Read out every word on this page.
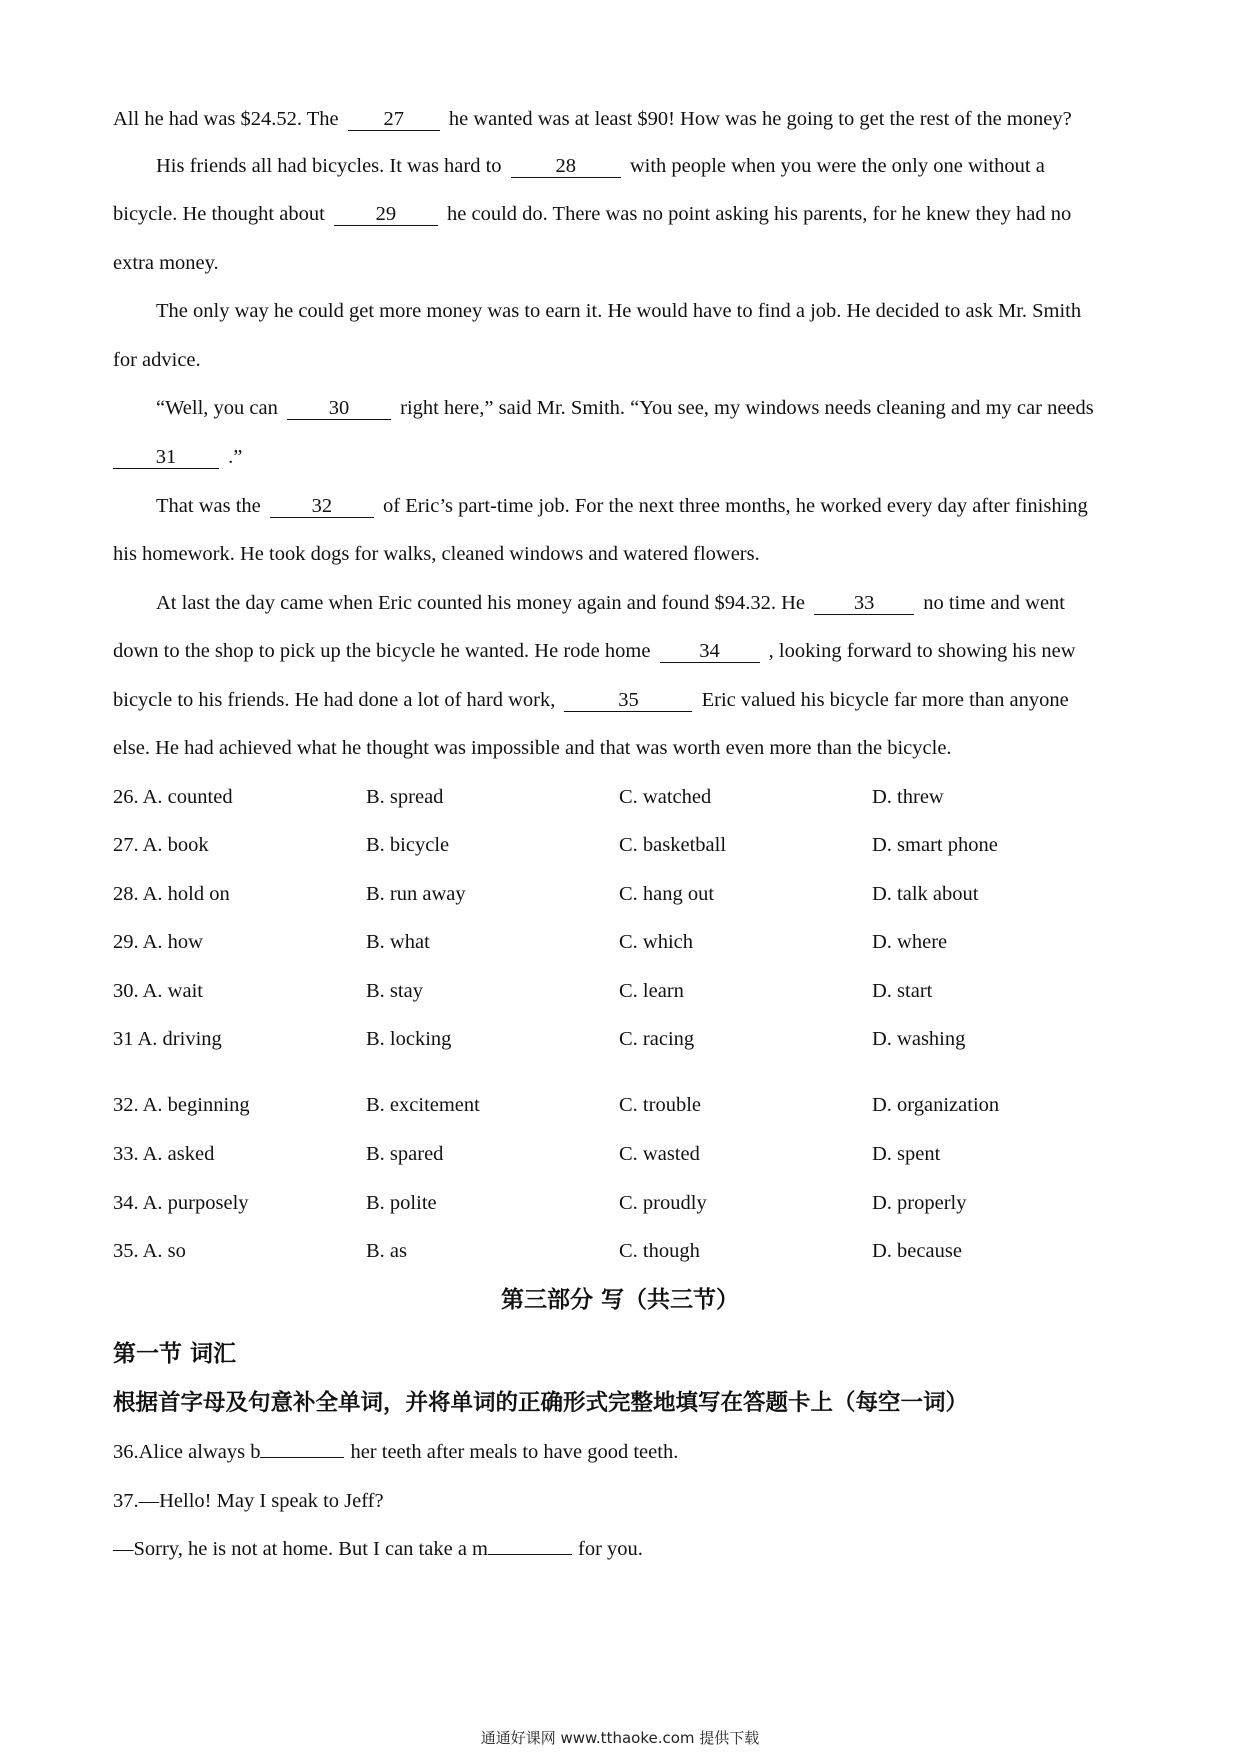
All he had was $24.52. The 27 he wanted was at least $90! How was he going to get the rest of the money?
His friends all had bicycles. It was hard to	28	with people when you were the only one without a
bicycle. He thought about 29 he could do. There was no point asking his parents, for he knew they had no
extra money.
The only way he could get more money was to earn it. He would have to find a job. He decided to ask Mr. Smith
for advice.
“Well, you can 30 right here,” said Mr. Smith. “You see, my windows needs cleaning and my car needs
31	.”
That was the 32 of Eric’s part-time job. For the next three months, he worked every day after finishing
his homework. He took dogs for walks, cleaned windows and watered flowers.
At last the day came when Eric counted his money again and found $94.32. He 33 no time and went
down to the shop to pick up the bicycle he wanted. He rode home 34 , looking forward to showing his new
bicycle to his friends. He had done a lot of hard work,	35	Eric valued his bicycle far more than anyone
else. He had achieved what he thought was impossible and that was worth even more than the bicycle.
26. A. counted	B. spread	C. watched	D. threw
27. A. book	B. bicycle	C. basketball	D. smart phone
28. A. hold on	B. run away	C. hang out	D. talk about
29. A. how	B. what	C. which	D. where
30. A. wait	B. stay	C. learn	D. start
31 A. driving	B. locking	C. racing	D. washing
32. A. beginning	B. excitement	C. trouble	D. organization
33. A. asked	B. spared	C. wasted	D. spent
34. A. purposely	B. polite	C. proudly	D. properly
35. A. so	B. as	C. though	D. because
第三部分 写（共三节）
第一节 词汇
根据首字母及句意补全单词，并将单词的正确形式完整地填写在答题卡上（每空一词）
36.Alice always b	her teeth after meals to have good teeth.
37.—Hello! May I speak to Jeff?
—Sorry, he is not at home. But I can take a m	for you.
通通好课网 www.tthaoke.com 提供下载
